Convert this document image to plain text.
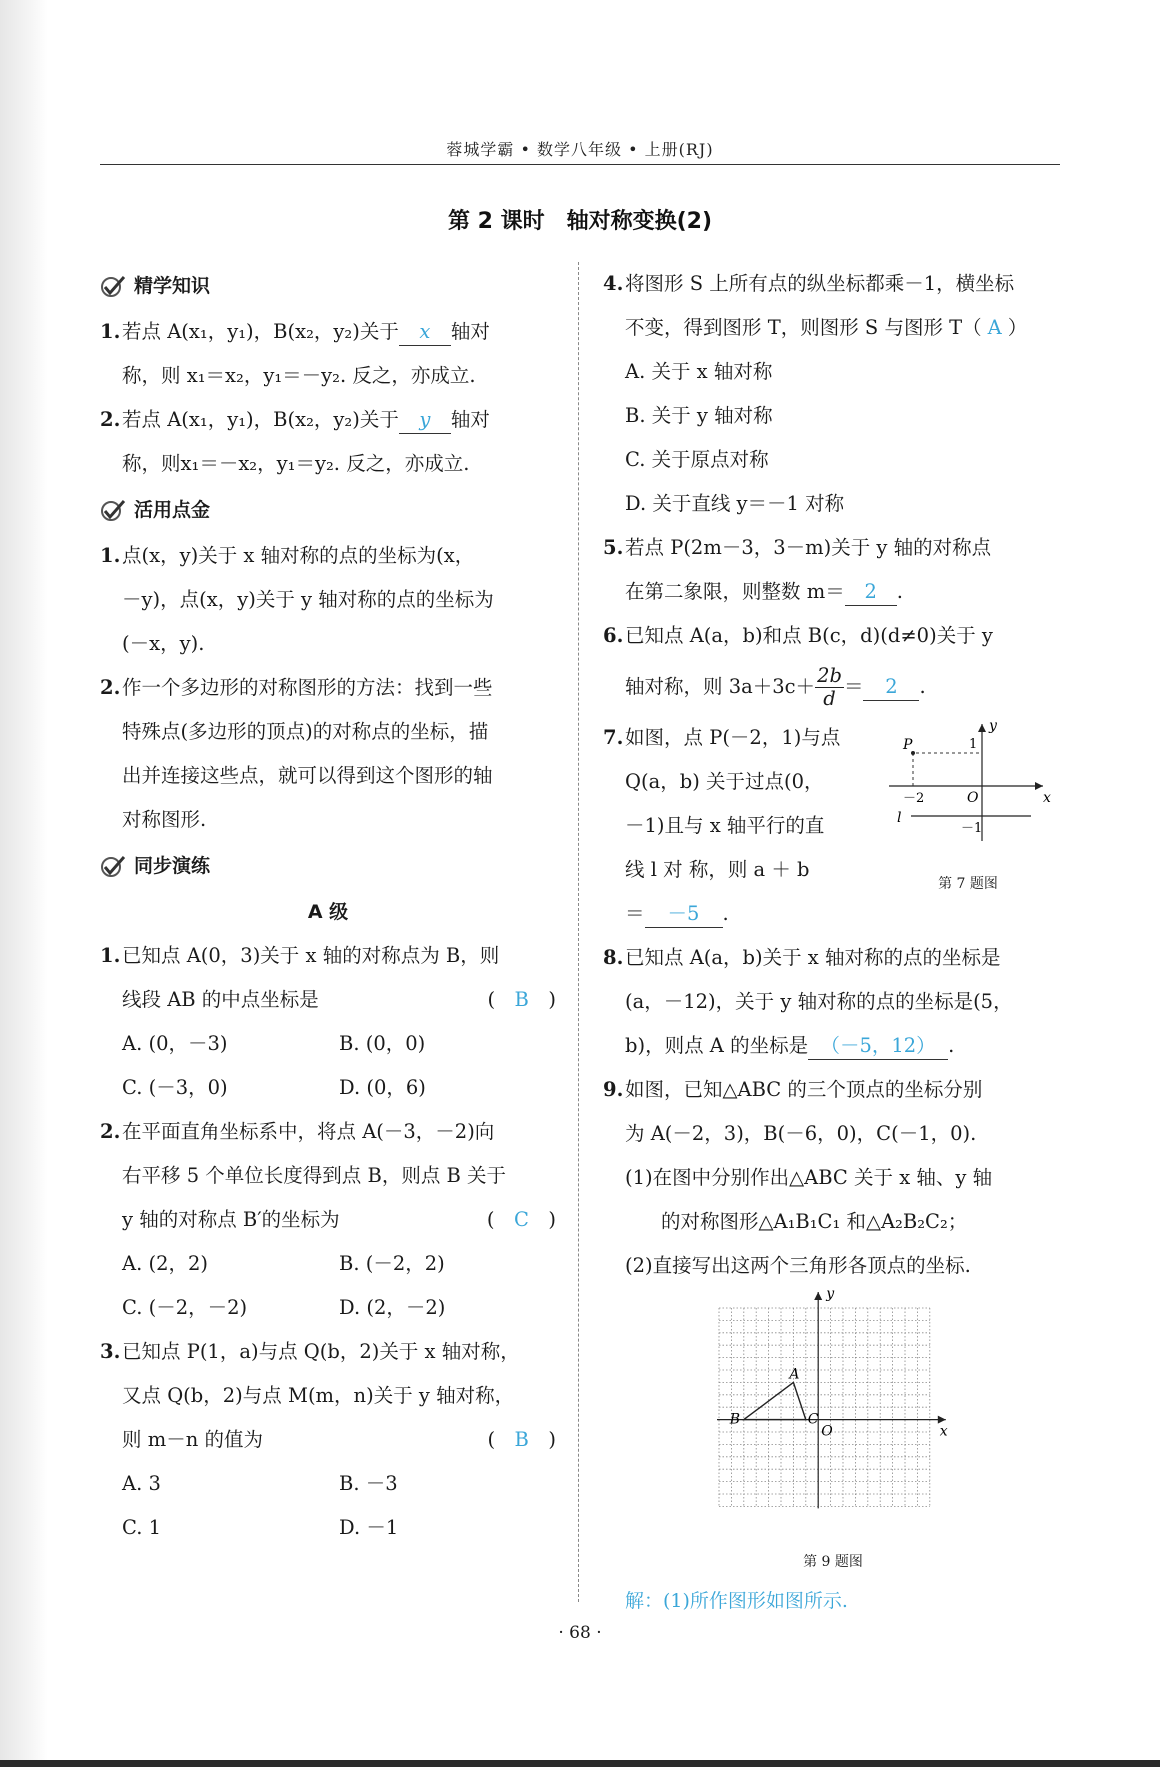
蓉城学霸 • 数学八年级 • 上册(RJ)
第 2 课时　轴对称变换(2)
精学知识
1. 若点 A(x₁，y₁)，B(x₂，y₂)关于 x 轴对
称，则 x₁＝x₂，y₁＝－y₂. 反之，亦成立.
2. 若点 A(x₁，y₁)，B(x₂，y₂)关于 y 轴对
称，则x₁＝－x₂，y₁＝y₂. 反之，亦成立.
活用点金
1. 点(x，y)关于 x 轴对称的点的坐标为(x，
－y)，点(x，y)关于 y 轴对称的点的坐标为
(－x，y).
2. 作一个多边形的对称图形的方法：找到一些
特殊点(多边形的顶点)的对称点的坐标，描
出并连接这些点，就可以得到这个图形的轴
对称图形.
同步演练
A 级
1. 已知点 A(0，3)关于 x 轴的对称点为 B，则
线段 AB 的中点坐标是	(　B　)
A. (0，－3)	B. (0，0)
C. (－3，0)	D. (0，6)
2. 在平面直角坐标系中，将点 A(－3，－2)向
右平移 5 个单位长度得到点 B，则点 B 关于
y 轴的对称点 B′的坐标为	(　C　)
A. (2，2)	B. (－2，2)
C. (－2，－2)	D. (2，－2)
3. 已知点 P(1，a)与点 Q(b，2)关于 x 轴对称，
又点 Q(b，2)与点 M(m，n)关于 y 轴对称，
则 m－n 的值为	(　B　)
A. 3	B. －3
C. 1	D. －1
4. 将图形 S 上所有点的纵坐标都乘－1，横坐标
不变，得到图形 T，则图形 S 与图形 T（ A ）
A. 关于 x 轴对称
B. 关于 y 轴对称
C. 关于原点对称
D. 关于直线 y＝－1 对称
5. 若点 P(2m－3，3－m)关于 y 轴的对称点
在第二象限，则整数 m＝ 2 .
6. 已知点 A(a，b)和点 B(c，d)(d≠0)关于 y
轴对称，则 $3a+3c+ \frac{2b}{d} = 2$ .
7. 如图，点 P(－2，1)与点
Q(a，b) 关于过点(0，
－1)且与 x 轴平行的直
线 l 对 称，则 a ＋ b
y
x
O
P
l
－2
1
－1
第 7 题图
＝ －5 .
8. 已知点 A(a，b)关于 x 轴对称的点的坐标是
(a，－12)，关于 y 轴对称的点的坐标是(5，
b)，则点 A 的坐标是 （－5，12） .
9. 如图，已知△ABC 的三个顶点的坐标分别
为 A(－2，3)，B(－6，0)，C(－1，0).
(1)在图中分别作出△ABC 关于 x 轴、y 轴
的对称图形△A₁B₁C₁ 和△A₂B₂C₂；
(2)直接写出这两个三角形各顶点的坐标.
A
B	C
O	x
y
第 9 题图
解：(1)所作图形如图所示.
· 68 ·
